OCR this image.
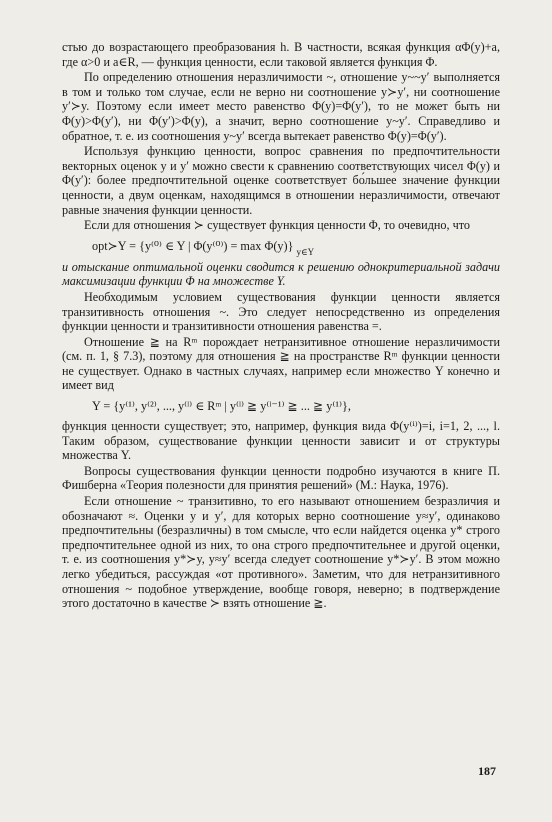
стью до возрастающего преобразования h. В частности, всякая функция αΦ(y)+a, где α>0 и a∈R, — функция ценности, если таковой является функция Φ.

По определению отношения неразличимости ~, отношение y~~y′ выполняется в том и только том случае, если не верно ни соотношение y≻y′, ни соотношение y′≻y. Поэтому если имеет место равенство Φ(y)=Φ(y′), то не может быть ни Φ(y)>Φ(y′), ни Φ(y′)>Φ(y), а значит, верно соотношение y~y′. Справедливо и обратное, т. е. из соотношения y~y′ всегда вытекает равенство Φ(y)=Φ(y′).

Используя функцию ценности, вопрос сравнения по предпочтительности векторных оценок y и y′ можно свести к сравнению соответствующих чисел Φ(y) и Φ(y′): более предпочтительной оценке соответствует бо́льшее значение функции ценности, а двум оценкам, находящимся в отношении неразличимости, отвечают равные значения функции ценности.

Если для отношения ≻ существует функция ценности Φ, то очевидно, что

opt≻Y = {y⁽⁰⁾ ∈ Y | Φ(y⁽⁰⁾) = max Φ(y)} $_{y\in Y}$

и отыскание оптимальной оценки сводится к решению однокритериальной задачи максимизации функции Φ на множестве Y.

Необходимым условием существования функции ценности является транзитивность отношения ~. Это следует непосредственно из определения функции ценности и транзитивности отношения равенства =.

Отношение ≧ на Rᵐ порождает нетранзитивное отношение неразличимости (см. п. 1, § 7.3), поэтому для отношения ≧ на пространстве Rᵐ функции ценности не существует. Однако в частных случаях, например если множество Y конечно и имеет вид

Y = {y⁽¹⁾, y⁽²⁾, ..., y⁽ˡ⁾ ∈ Rᵐ | y⁽ˡ⁾ ≧ y⁽ˡ⁻¹⁾ ≧ ... ≧ y⁽¹⁾},

функция ценности существует; это, например, функция вида Φ(y⁽ⁱ⁾)=i, i=1, 2, ..., l. Таким образом, существование функции ценности зависит и от структуры множества Y.

Вопросы существования функции ценности подробно изучаются в книге П. Фишберна «Теория полезности для принятия решений» (М.: Наука, 1976).

Если отношение ~ транзитивно, то его называют отношением безразличия и обозначают ≈. Оценки y и y′, для которых верно соотношение y≈y′, одинаково предпочтительны (безразличны) в том смысле, что если найдется оценка y* строго предпочтительнее одной из них, то она строго предпочтительнее и другой оценки, т. е. из соотношения y*≻y, y≈y′ всегда следует соотношение y*≻y′. В этом можно легко убедиться, рассуждая «от противного». Заметим, что для нетранзитивного отношения ~ подобное утверждение, вообще говоря, неверно; в подтверждение этого достаточно в качестве ≻ взять отношение ≧.

187
